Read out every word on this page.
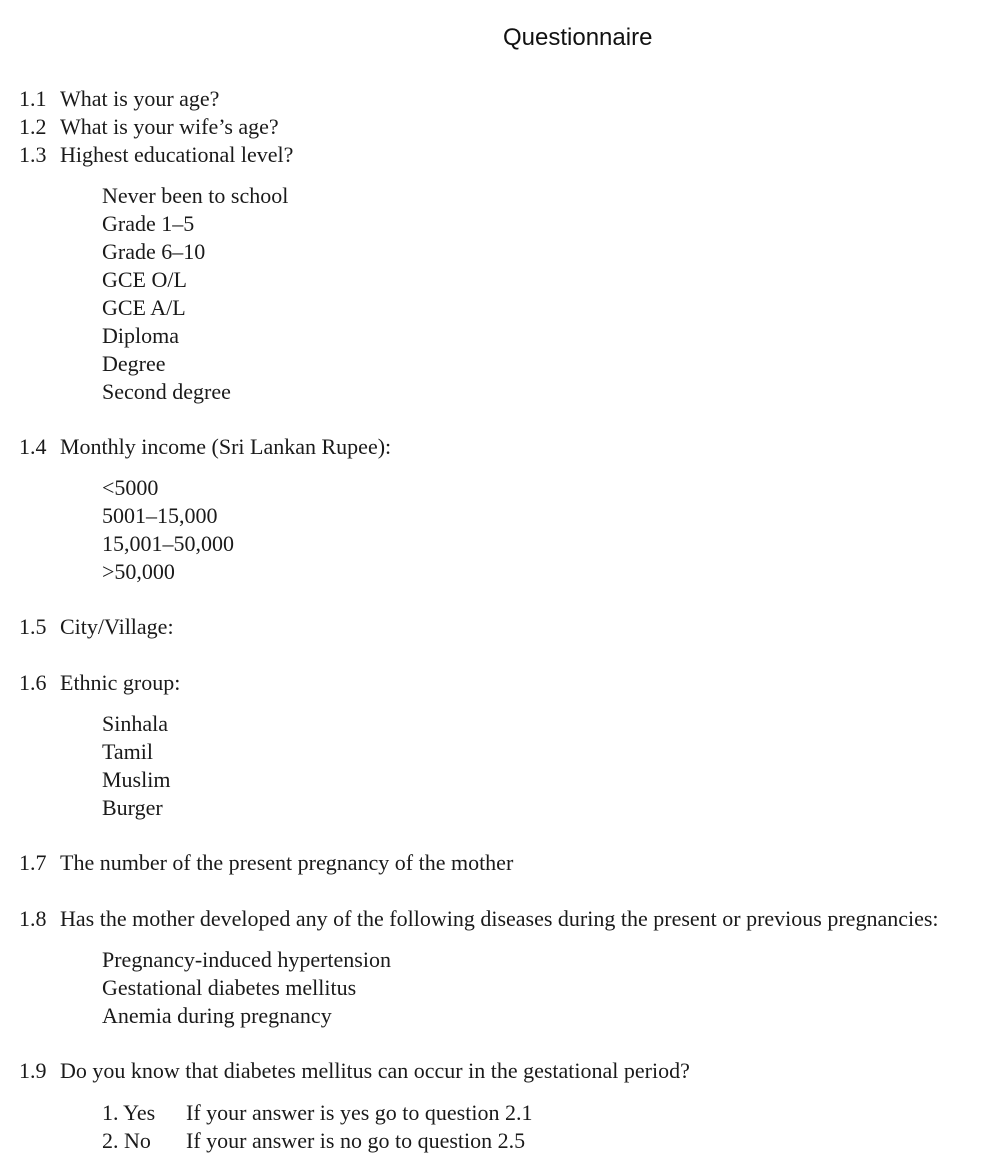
Questionnaire
1.1 What is your age?
1.2 What is your wife’s age?
1.3 Highest educational level?
Never been to school
Grade 1–5
Grade 6–10
GCE O/L
GCE A/L
Diploma
Degree
Second degree
1.4 Monthly income (Sri Lankan Rupee):
<5000
5001–15,000
15,001–50,000
>50,000
1.5 City/Village:
1.6 Ethnic group:
Sinhala
Tamil
Muslim
Burger
1.7 The number of the present pregnancy of the mother
1.8 Has the mother developed any of the following diseases during the present or previous pregnancies:
Pregnancy-induced hypertension
Gestational diabetes mellitus
Anemia during pregnancy
1.9 Do you know that diabetes mellitus can occur in the gestational period?
1. Yes If your answer is yes go to question 2.1
2. No If your answer is no go to question 2.5
